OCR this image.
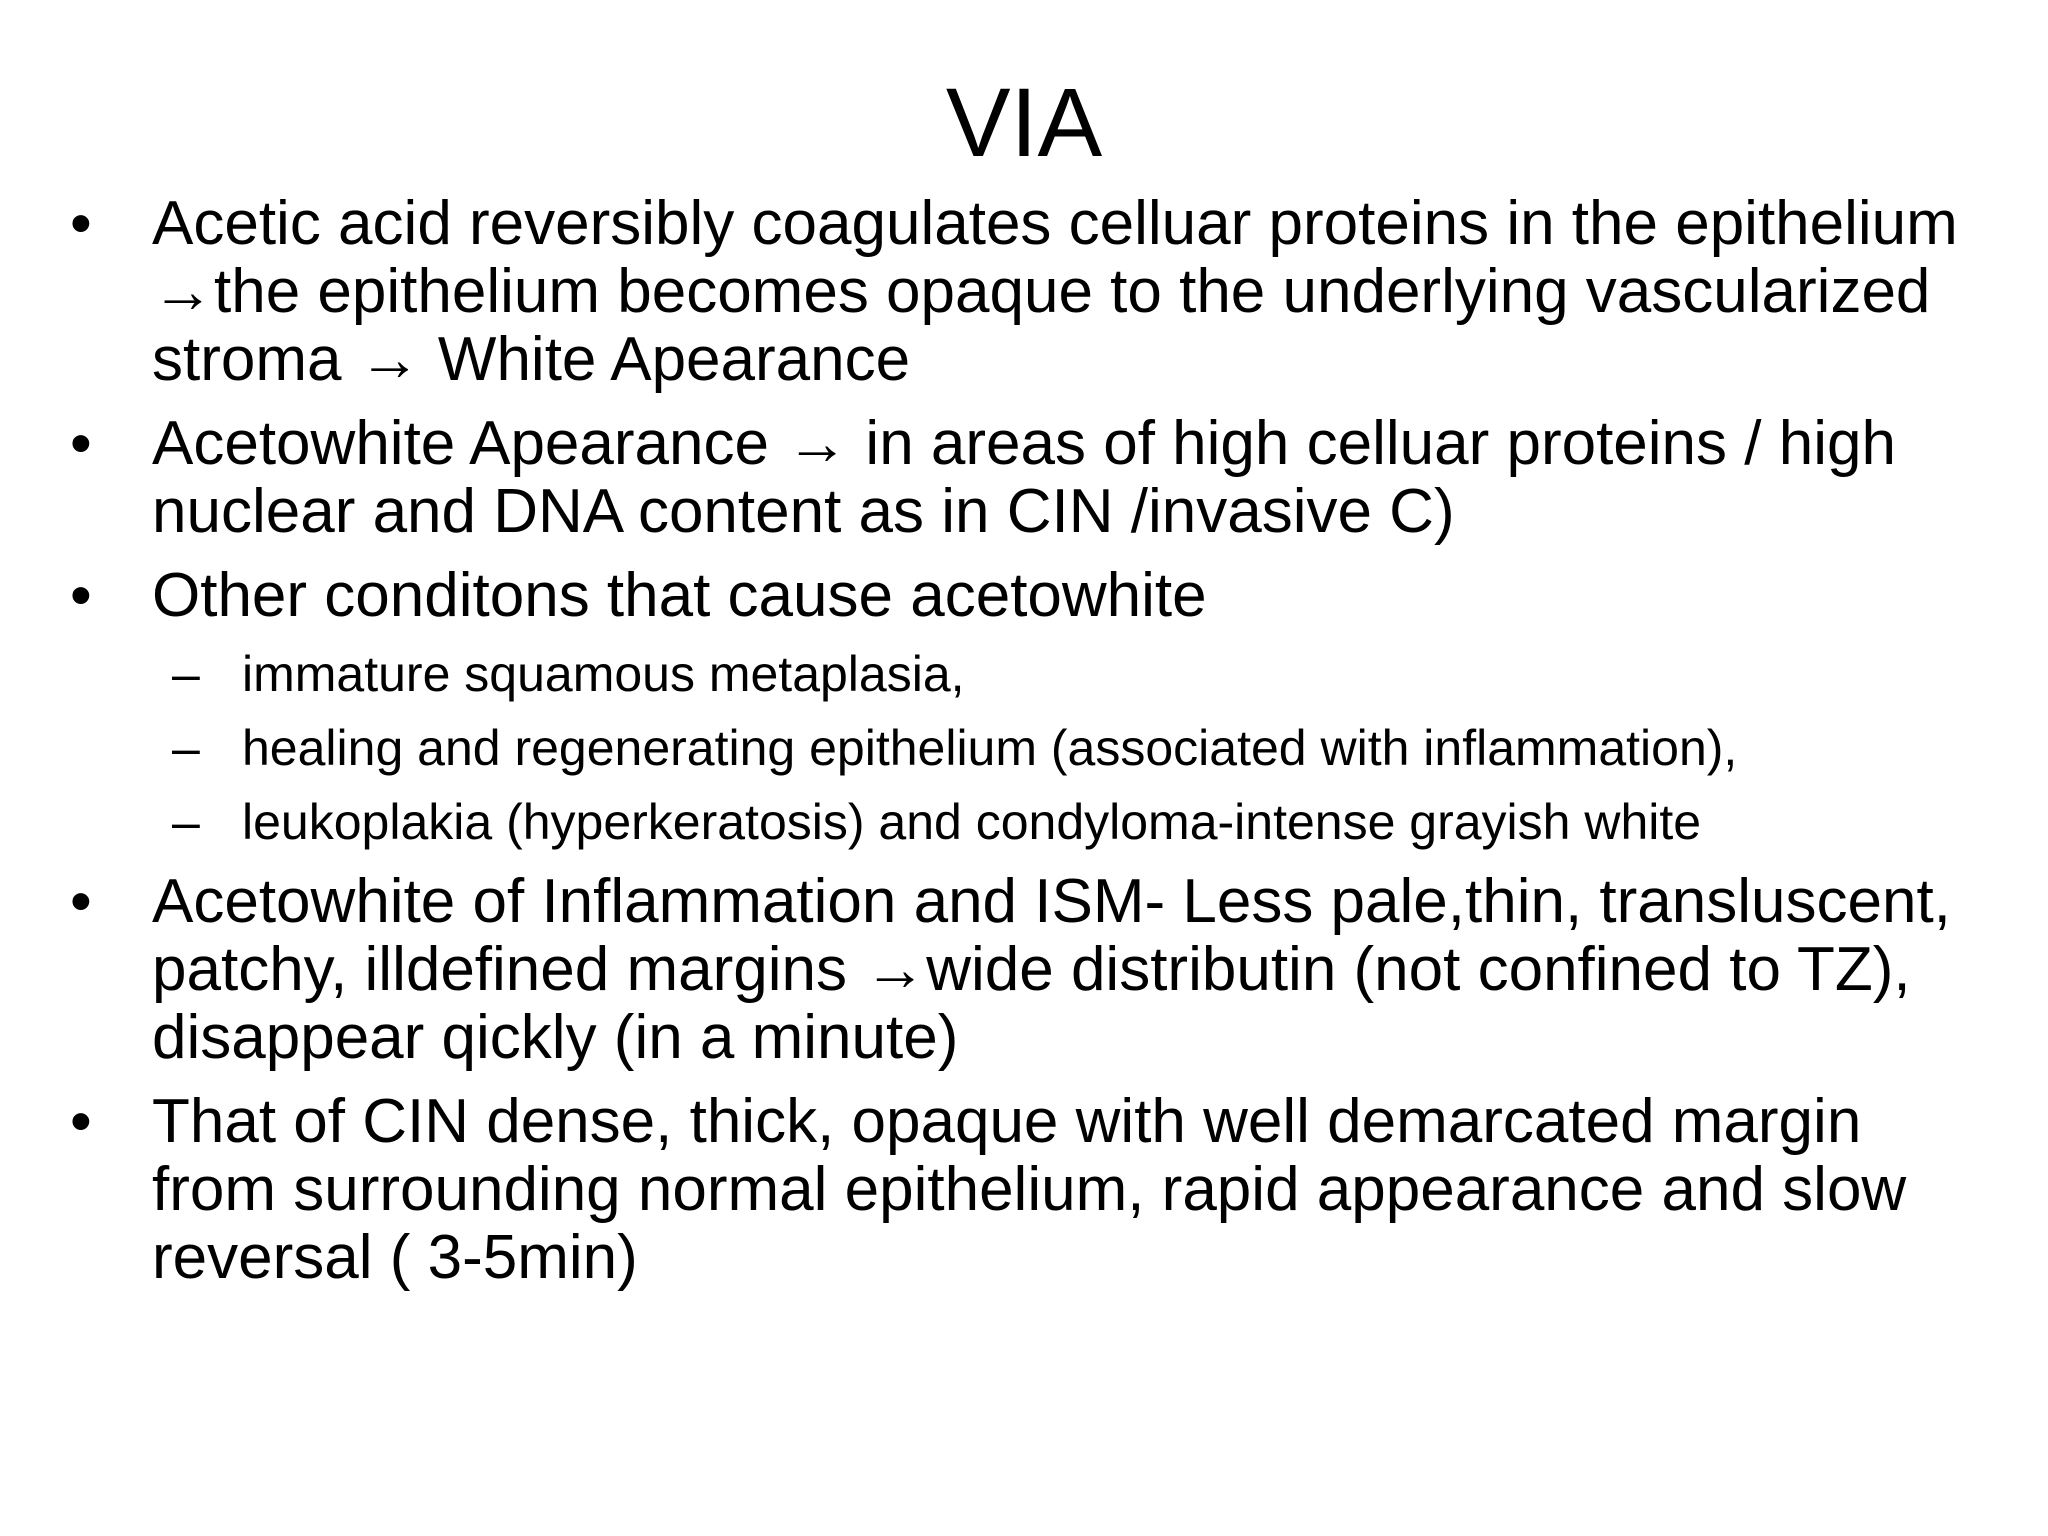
VIA
• Acetic acid reversibly coagulates celluar proteins in the epithelium →the epithelium becomes opaque to the underlying vascularized stroma → White Apearance
• Acetowhite Apearance → in areas of high celluar proteins / high nuclear and DNA content as in CIN /invasive C)
• Other conditons that cause acetowhite
– immature squamous metaplasia,
– healing and regenerating epithelium (associated with inflammation),
– leukoplakia (hyperkeratosis) and condyloma-intense grayish white
• Acetowhite of Inflammation and ISM- Less pale,thin, transluscent, patchy, illdefined margins →wide distributin (not confined to TZ), disappear qickly (in a minute)
• That of CIN dense, thick, opaque with well demarcated margin from surrounding normal epithelium, rapid appearance and slow reversal ( 3-5min)
